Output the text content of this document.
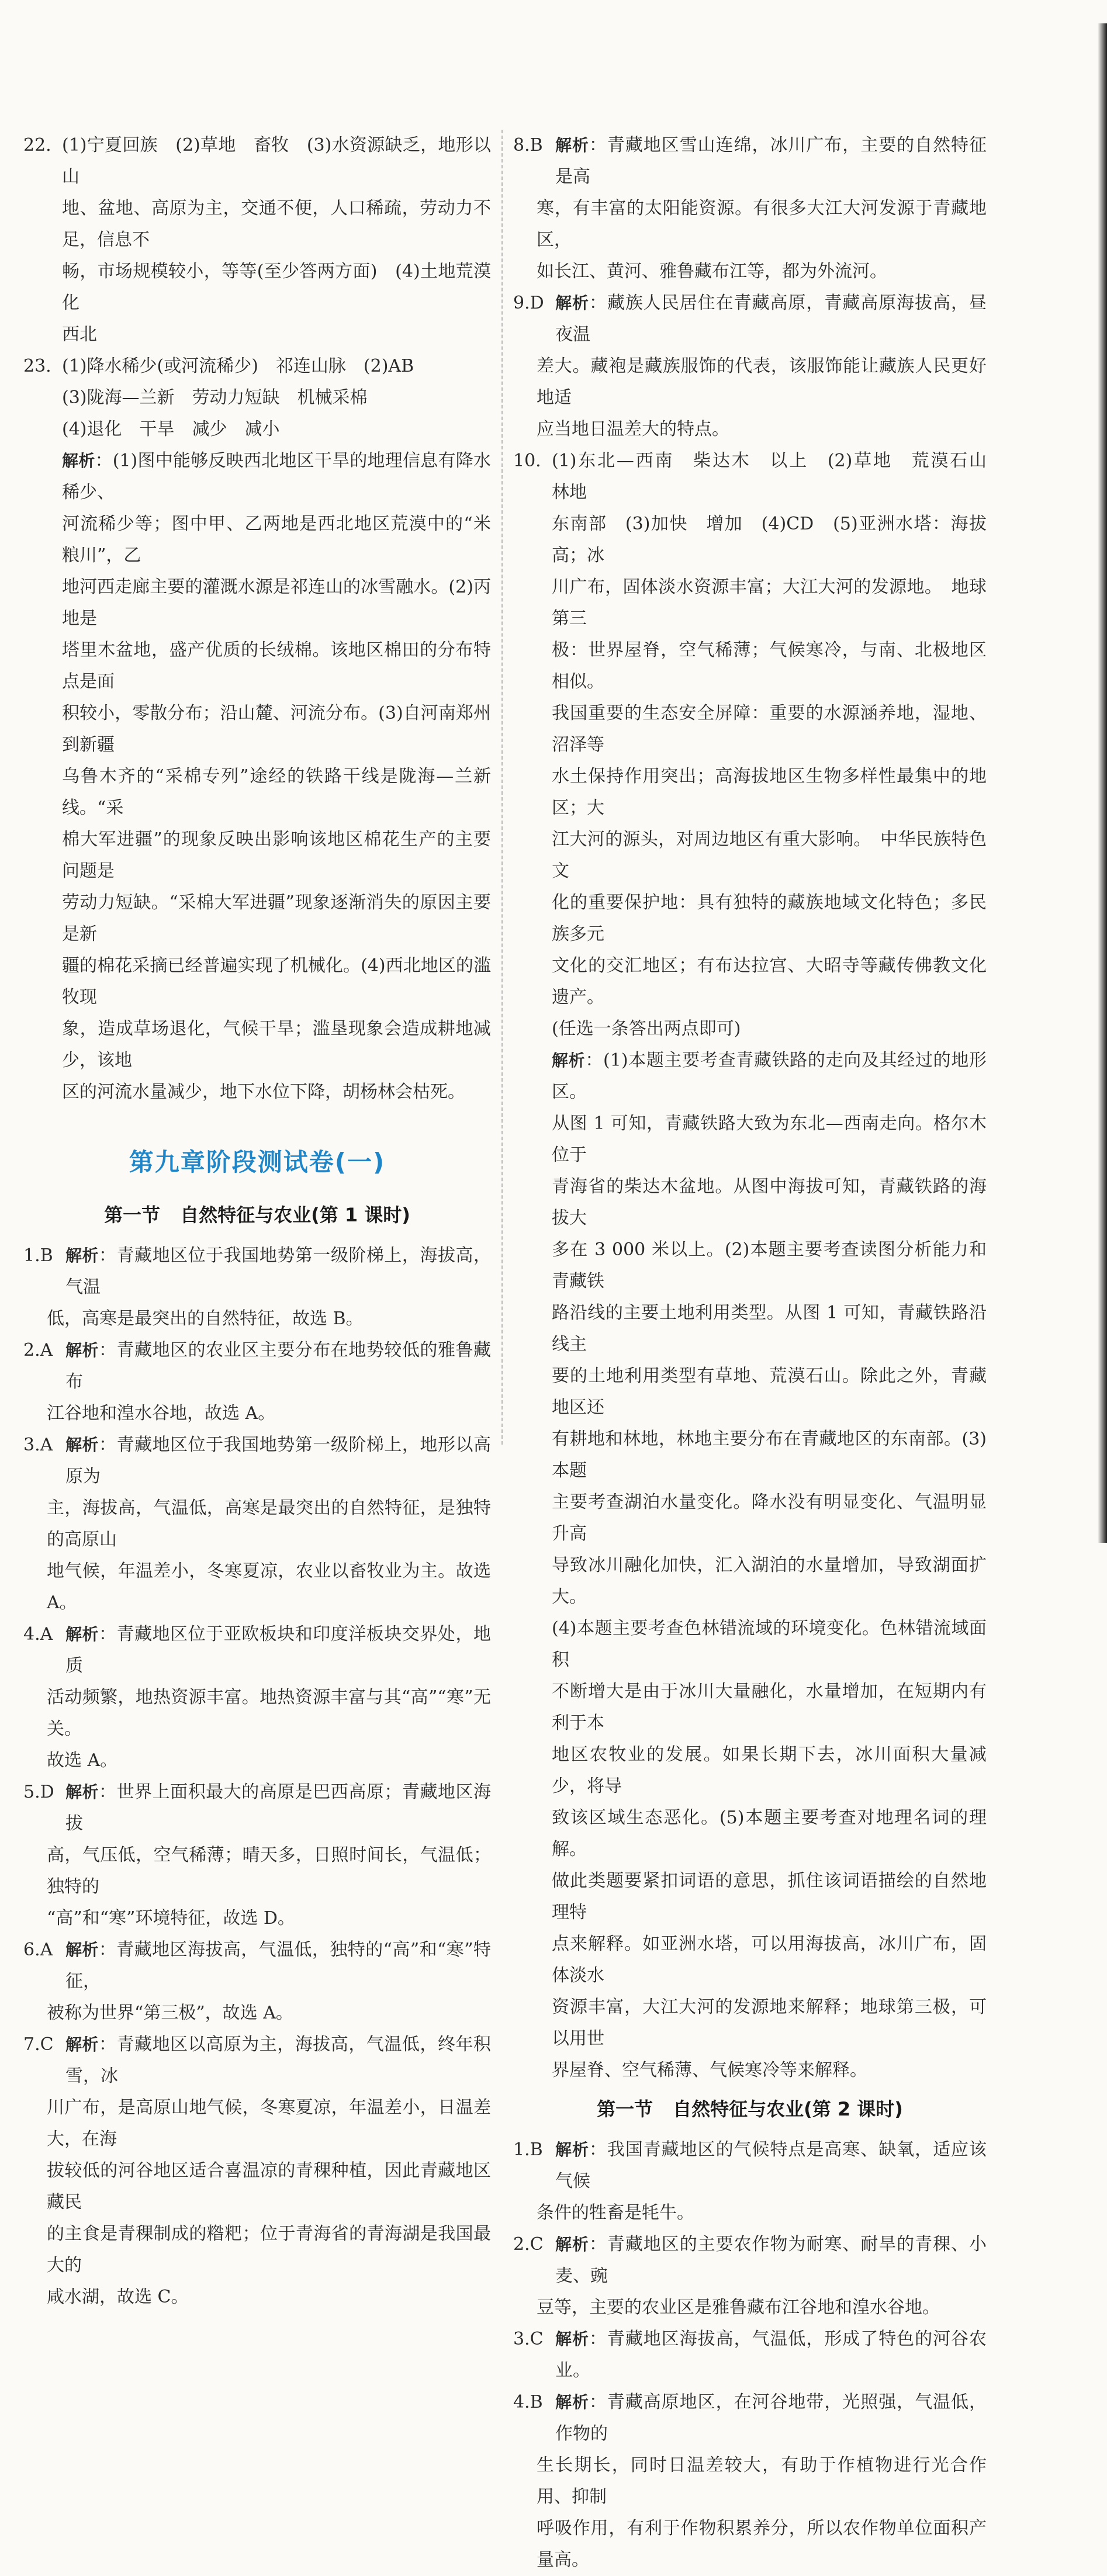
22. (1)宁夏回族　(2)草地　畜牧　(3)水资源缺乏，地形以山
地、盆地、高原为主，交通不便，人口稀疏，劳动力不足，信息不
畅，市场规模较小，等等(至少答两方面)　(4)土地荒漠化
西北
23. (1)降水稀少(或河流稀少)　祁连山脉　(2)AB
(3)陇海—兰新　劳动力短缺　机械采棉
(4)退化　干旱　减少　减小
解析：(1)图中能够反映西北地区干旱的地理信息有降水稀少、
河流稀少等；图中甲、乙两地是西北地区荒漠中的“米粮川”，乙
地河西走廊主要的灌溉水源是祁连山的冰雪融水。(2)丙地是
塔里木盆地，盛产优质的长绒棉。该地区棉田的分布特点是面
积较小，零散分布；沿山麓、河流分布。(3)自河南郑州到新疆
乌鲁木齐的“采棉专列”途经的铁路干线是陇海—兰新线。“采
棉大军进疆”的现象反映出影响该地区棉花生产的主要问题是
劳动力短缺。“采棉大军进疆”现象逐渐消失的原因主要是新
疆的棉花采摘已经普遍实现了机械化。(4)西北地区的滥牧现
象，造成草场退化，气候干旱；滥垦现象会造成耕地减少，该地
区的河流水量减少，地下水位下降，胡杨林会枯死。
第九章阶段测试卷(一)
第一节 自然特征与农业(第 1 课时)
1.B 解析：青藏地区位于我国地势第一级阶梯上，海拔高，气温
低，高寒是最突出的自然特征，故选 B。
2.A 解析：青藏地区的农业区主要分布在地势较低的雅鲁藏布
江谷地和湟水谷地，故选 A。
3.A 解析：青藏地区位于我国地势第一级阶梯上，地形以高原为
主，海拔高，气温低，高寒是最突出的自然特征，是独特的高原山
地气候，年温差小，冬寒夏凉，农业以畜牧业为主。故选 A。
4.A 解析：青藏地区位于亚欧板块和印度洋板块交界处，地质
活动频繁，地热资源丰富。地热资源丰富与其“高”“寒”无关。
故选 A。
5.D 解析：世界上面积最大的高原是巴西高原；青藏地区海拔
高，气压低，空气稀薄；晴天多，日照时间长，气温低；独特的
“高”和“寒”环境特征，故选 D。
6.A 解析：青藏地区海拔高，气温低，独特的“高”和“寒”特征，
被称为世界“第三极”，故选 A。
7.C 解析：青藏地区以高原为主，海拔高，气温低，终年积雪，冰
川广布，是高原山地气候，冬寒夏凉，年温差小，日温差大，在海
拔较低的河谷地区适合喜温凉的青稞种植，因此青藏地区藏民
的主食是青稞制成的糌粑；位于青海省的青海湖是我国最大的
咸水湖，故选 C。
8.B 解析：青藏地区雪山连绵，冰川广布，主要的自然特征是高
寒，有丰富的太阳能资源。有很多大江大河发源于青藏地区，
如长江、黄河、雅鲁藏布江等，都为外流河。
9.D 解析：藏族人民居住在青藏高原，青藏高原海拔高，昼夜温
差大。藏袍是藏族服饰的代表，该服饰能让藏族人民更好地适
应当地日温差大的特点。
10. (1)东北—西南　柴达木　以上　(2)草地　荒漠石山　林地
东南部　(3)加快　增加　(4)CD　(5)亚洲水塔：海拔高；冰
川广布，固体淡水资源丰富；大江大河的发源地。　地球第三
极：世界屋脊，空气稀薄；气候寒冷，与南、北极地区相似。
我国重要的生态安全屏障：重要的水源涵养地，湿地、沼泽等
水土保持作用突出；高海拔地区生物多样性最集中的地区；大
江大河的源头，对周边地区有重大影响。　中华民族特色文
化的重要保护地：具有独特的藏族地域文化特色；多民族多元
文化的交汇地区；有布达拉宫、大昭寺等藏传佛教文化遗产。
(任选一条答出两点即可)
解析：(1)本题主要考查青藏铁路的走向及其经过的地形区。
从图 1 可知，青藏铁路大致为东北—西南走向。格尔木位于
青海省的柴达木盆地。从图中海拔可知，青藏铁路的海拔大
多在 3 000 米以上。(2)本题主要考查读图分析能力和青藏铁
路沿线的主要土地利用类型。从图 1 可知，青藏铁路沿线主
要的土地利用类型有草地、荒漠石山。除此之外，青藏地区还
有耕地和林地，林地主要分布在青藏地区的东南部。(3)本题
主要考查湖泊水量变化。降水没有明显变化、气温明显升高
导致冰川融化加快，汇入湖泊的水量增加，导致湖面扩大。
(4)本题主要考查色林错流域的环境变化。色林错流域面积
不断增大是由于冰川大量融化，水量增加，在短期内有利于本
地区农牧业的发展。如果长期下去，冰川面积大量减少，将导
致该区域生态恶化。(5)本题主要考查对地理名词的理解。
做此类题要紧扣词语的意思，抓住该词语描绘的自然地理特
点来解释。如亚洲水塔，可以用海拔高，冰川广布，固体淡水
资源丰富，大江大河的发源地来解释；地球第三极，可以用世
界屋脊、空气稀薄、气候寒冷等来解释。
第一节 自然特征与农业(第 2 课时)
1.B 解析：我国青藏地区的气候特点是高寒、缺氧，适应该气候
条件的牲畜是牦牛。
2.C 解析：青藏地区的主要农作物为耐寒、耐旱的青稞、小麦、豌
豆等，主要的农业区是雅鲁藏布江谷地和湟水谷地。
3.C 解析：青藏地区海拔高，气温低，形成了特色的河谷农业。
4.B 解析：青藏高原地区，在河谷地带，光照强，气温低，作物的
生长期长，同时日温差较大，有助于作植物进行光合作用、抑制
呼吸作用，有利于作物积累养分，所以农作物单位面积产量高。
